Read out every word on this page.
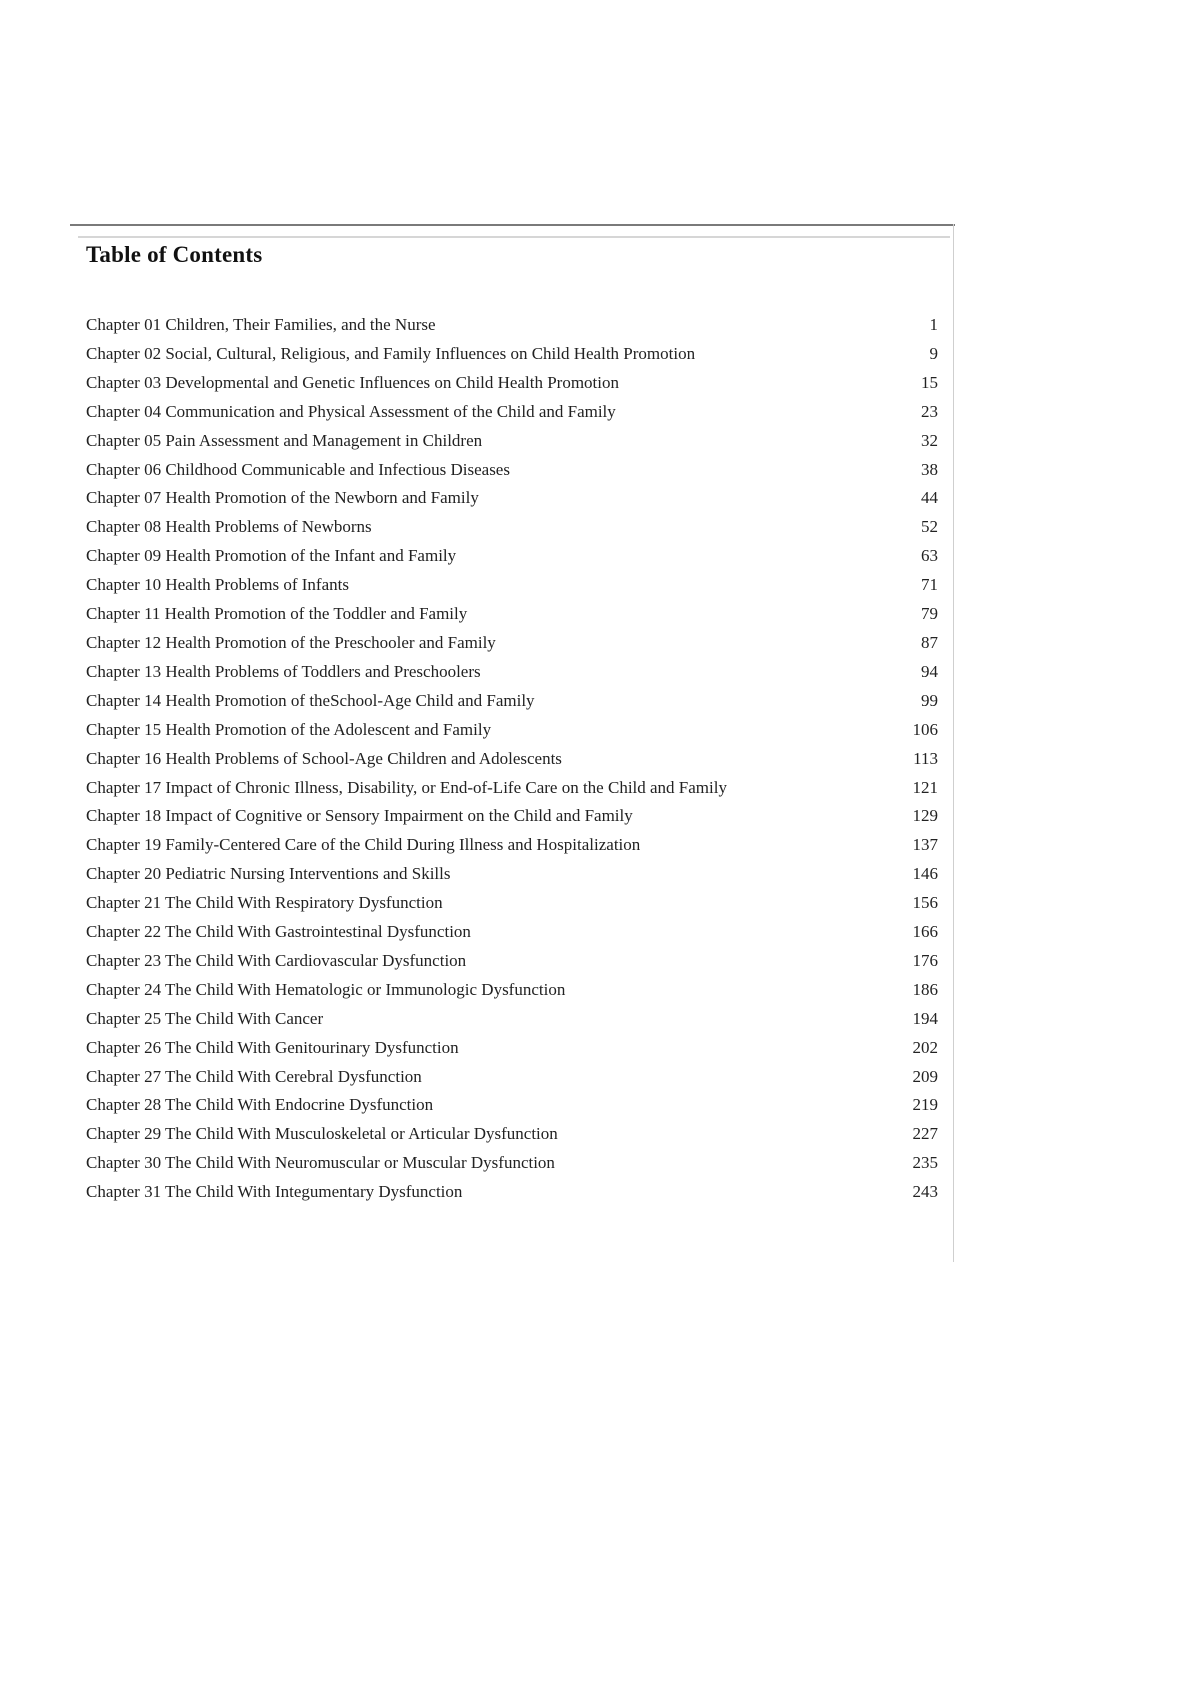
Table of Contents
Chapter 01 Children, Their Families, and the Nurse	1
Chapter 02 Social, Cultural, Religious, and Family Influences on Child Health Promotion	9
Chapter 03 Developmental and Genetic Influences on Child Health Promotion	15
Chapter 04 Communication and Physical Assessment of the Child and Family	23
Chapter 05 Pain Assessment and Management in Children	32
Chapter 06 Childhood Communicable and Infectious Diseases	38
Chapter 07 Health Promotion of the Newborn and Family	44
Chapter 08 Health Problems of Newborns	52
Chapter 09 Health Promotion of the Infant and Family	63
Chapter 10 Health Problems of Infants	71
Chapter 11 Health Promotion of the Toddler and Family	79
Chapter 12 Health Promotion of the Preschooler and Family	87
Chapter 13 Health Problems of Toddlers and Preschoolers	94
Chapter 14 Health Promotion of theSchool-Age Child and Family	99
Chapter 15 Health Promotion of the Adolescent and Family	106
Chapter 16 Health Problems of School-Age Children and Adolescents	113
Chapter 17 Impact of Chronic Illness, Disability, or End-of-Life Care on the Child and Family	121
Chapter 18 Impact of Cognitive or Sensory Impairment on the Child and Family	129
Chapter 19 Family-Centered Care of the Child During Illness and Hospitalization	137
Chapter 20 Pediatric Nursing Interventions and Skills	146
Chapter 21 The Child With Respiratory Dysfunction	156
Chapter 22 The Child With Gastrointestinal Dysfunction	166
Chapter 23 The Child With Cardiovascular Dysfunction	176
Chapter 24 The Child With Hematologic or Immunologic Dysfunction	186
Chapter 25 The Child With Cancer	194
Chapter 26 The Child With Genitourinary Dysfunction	202
Chapter 27 The Child With Cerebral Dysfunction	209
Chapter 28 The Child With Endocrine Dysfunction	219
Chapter 29 The Child With Musculoskeletal or Articular Dysfunction	227
Chapter 30 The Child With Neuromuscular or Muscular Dysfunction	235
Chapter 31 The Child With Integumentary Dysfunction	243
